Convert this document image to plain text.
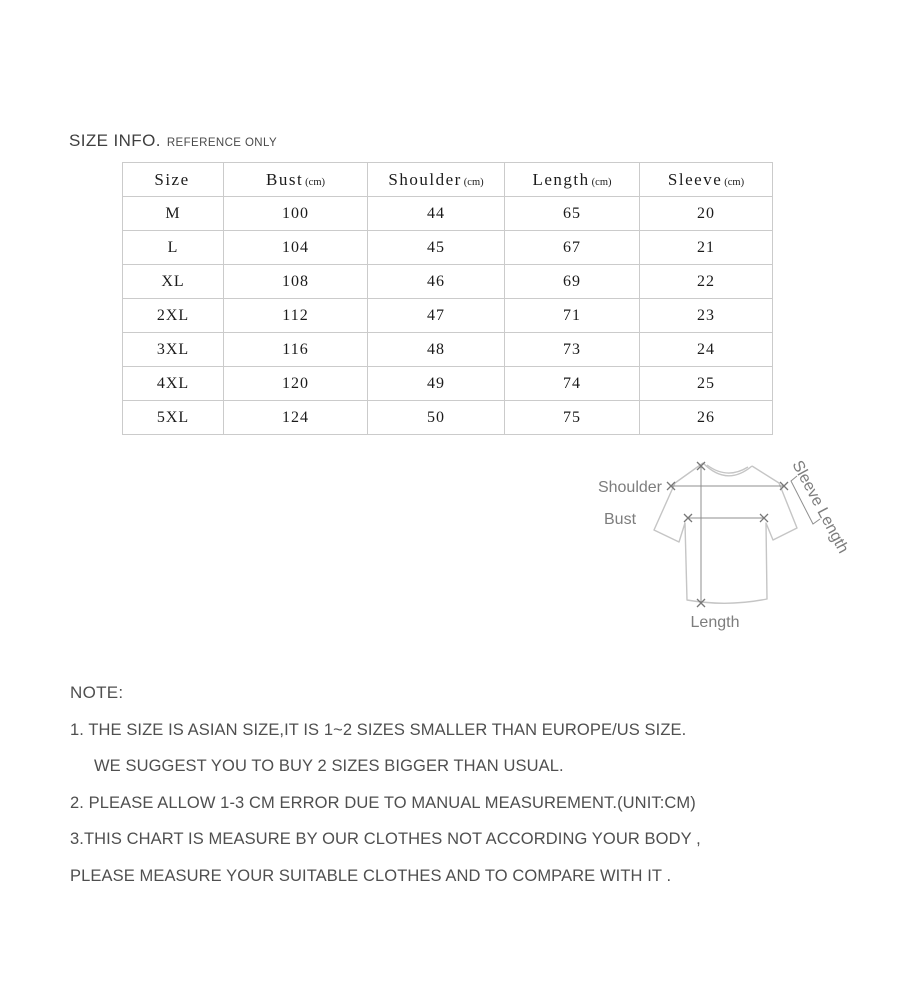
SIZE INFO. REFERENCE ONLY
Size	Bust (cm)	Shoulder (cm)	Length (cm)	Sleeve (cm)
M	100	44	65	20
L	104	45	67	21
XL	108	46	69	22
2XL	112	47	71	23
3XL	116	48	73	24
4XL	120	49	74	25
5XL	124	50	75	26
Shoulder
Bust
Length
Sleeve Length
NOTE:
1. THE SIZE IS ASIAN SIZE,IT IS 1~2 SIZES SMALLER THAN EUROPE/US SIZE.
WE SUGGEST YOU TO BUY 2 SIZES BIGGER THAN USUAL.
2. PLEASE ALLOW 1-3 CM ERROR DUE TO MANUAL MEASUREMENT.(UNIT:CM)
3.THIS CHART IS MEASURE BY OUR CLOTHES NOT ACCORDING YOUR BODY ,
PLEASE MEASURE YOUR SUITABLE CLOTHES AND TO COMPARE WITH IT .
